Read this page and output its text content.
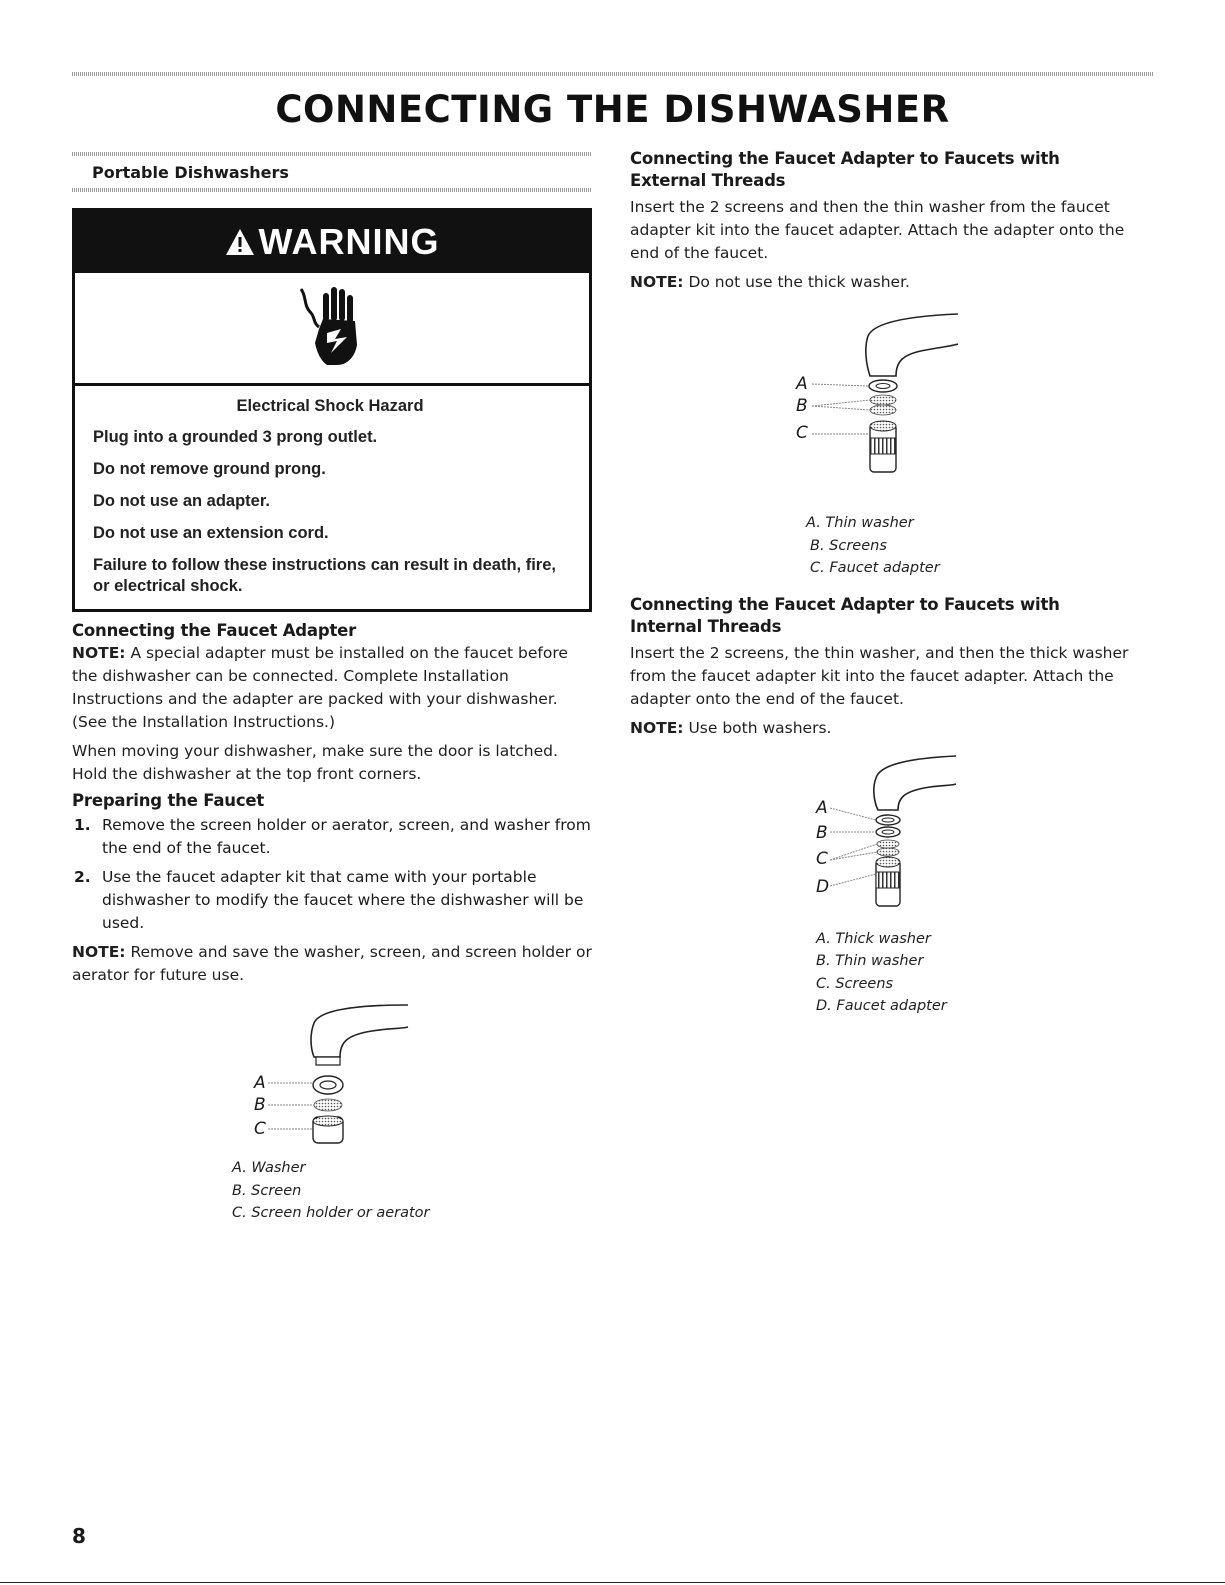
CONNECTING THE DISHWASHER
Portable Dishwashers
WARNING

Electrical Shock Hazard

Plug into a grounded 3 prong outlet.

Do not remove ground prong.

Do not use an adapter.

Do not use an extension cord.

Failure to follow these instructions can result in death, fire, or electrical shock.

Connecting the Faucet Adapter

NOTE: A special adapter must be installed on the faucet before the dishwasher can be connected. Complete Installation Instructions and the adapter are packed with your dishwasher. (See the Installation Instructions.)

When moving your dishwasher, make sure the door is latched. Hold the dishwasher at the top front corners.

Preparing the Faucet
1. Remove the screen holder or aerator, screen, and washer from the end of the faucet.
2. Use the faucet adapter kit that came with your portable dishwasher to modify the faucet where the dishwasher will be used.

NOTE: Remove and save the washer, screen, and screen holder or aerator for future use.

A
B
C
A. Washer
B. Screen
C. Screen holder or aerator
Connecting the Faucet Adapter to Faucets with External Threads

Insert the 2 screens and then the thin washer from the faucet adapter kit into the faucet adapter. Attach the adapter onto the end of the faucet.

NOTE: Do not use the thick washer.

A
B
C
A. Thin washer
B. Screens
C. Faucet adapter
Connecting the Faucet Adapter to Faucets with Internal Threads

Insert the 2 screens, the thin washer, and then the thick washer from the faucet adapter kit into the faucet adapter. Attach the adapter onto the end of the faucet.

NOTE: Use both washers.

A
B
C
D
A. Thick washer
B. Thin washer
C. Screens
D. Faucet adapter
8
